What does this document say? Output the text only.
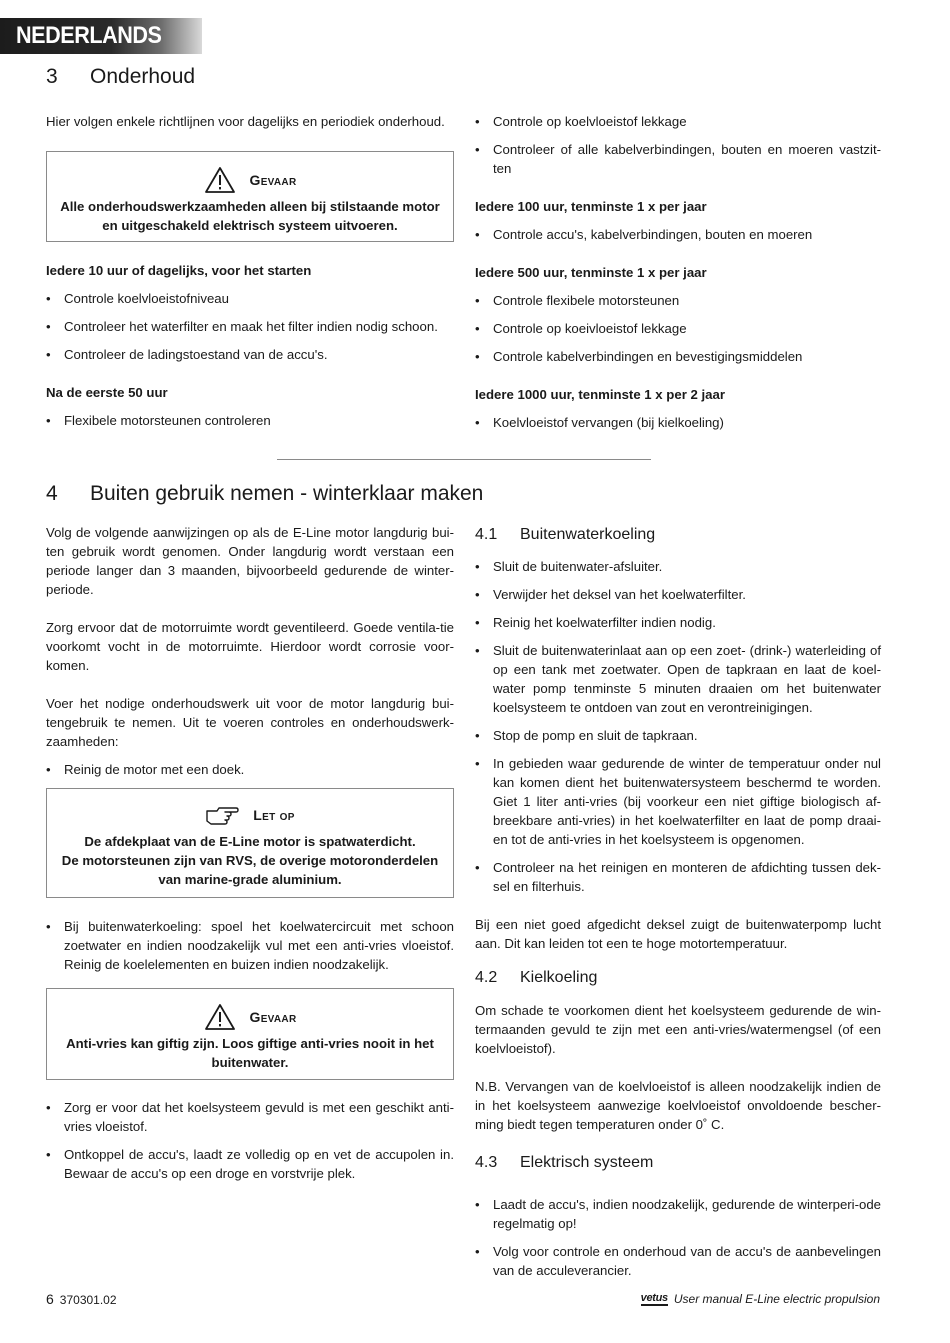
NEDERLANDS
3 Onderhoud

Hier volgen enkele richtlijnen voor dagelijks en periodiek onderhoud.

Gevaar
Alle onderhoudswerkzaamheden alleen bij stilstaande motor
en uitgeschakeld elektrisch systeem uitvoeren.

Iedere 10 uur of dagelijks, voor het starten

• Controle koelvloeistofniveau
• Controleer het waterfilter en maak het filter indien nodig schoon.
• Controleer de ladingstoestand van de accu's.

Na de eerste 50 uur

• Flexibele motorsteunen controleren
• Controle op koelvloeistof lekkage
• Controleer of alle kabelverbindingen, bouten en moeren vastzit-ten

Iedere 100 uur, tenminste 1 x per jaar

• Controle accu's, kabelverbindingen, bouten en moeren

Iedere 500 uur, tenminste 1 x per jaar

• Controle flexibele motorsteunen
• Controle op koeivloeistof lekkage
• Controle kabelverbindingen en bevestigingsmiddelen

Iedere 1000 uur, tenminste 1 x per 2 jaar

• Koelvloeistof vervangen (bij kielkoeling)
4 Buiten gebruik nemen - winterklaar maken

Volg de volgende aanwijzingen op als de E-Line motor langdurig bui-ten gebruik wordt genomen. Onder langdurig wordt verstaan een periode langer dan 3 maanden, bijvoorbeeld gedurende de winter-periode.

Zorg ervoor dat de motorruimte wordt geventileerd. Goede ventila-tie voorkomt vocht in de motorruimte. Hierdoor wordt corrosie voor-komen.

Voer het nodige onderhoudswerk uit voor de motor langdurig bui-tengebruik te nemen. Uit te voeren controles en onderhoudswerk-zaamheden:

• Reinig de motor met een doek.
Let op
De afdekplaat van de E-Line motor is spatwaterdicht.
De motorsteunen zijn van RVS, de overige motoronderdelen
van marine-grade aluminium.
• Bij buitenwaterkoeling: spoel het koelwatercircuit met schoon zoetwater en indien noodzakelijk vul met een anti-vries vloeistof. Reinig de koelelementen en buizen indien noodzakelijk.
Gevaar
Anti-vries kan giftig zijn. Loos giftige anti-vries nooit in het
buitenwater.
• Zorg er voor dat het koelsysteem gevuld is met een geschikt anti-vries vloeistof.
• Ontkoppel de accu's, laadt ze volledig op en vet de accupolen in. Bewaar de accu's op een droge en vorstvrije plek.
4.1 Buitenwaterkoeling
• Sluit de buitenwater-afsluiter.
• Verwijder het deksel van het koelwaterfilter.
• Reinig het koelwaterfilter indien nodig.
• Sluit de buitenwaterinlaat aan op een zoet- (drink-) waterleiding of op een tank met zoetwater. Open de tapkraan en laat de koel-water pomp tenminste 5 minuten draaien om het buitenwater koelsysteem te ontdoen van zout en verontreinigingen.
• Stop de pomp en sluit de tapkraan.
• In gebieden waar gedurende de winter de temperatuur onder nul kan komen dient het buitenwatersysteem beschermd te worden. Giet 1 liter anti-vries (bij voorkeur een niet giftige biologisch af-breekbare anti-vries) in het koelwaterfilter en laat de pomp draai-en tot de anti-vries in het koelsysteem is opgenomen.
• Controleer na het reinigen en monteren de afdichting tussen dek-sel en filterhuis.

Bij een niet goed afgedicht deksel zuigt de buitenwaterpomp lucht aan. Dit kan leiden tot een te hoge motortemperatuur.

4.2 Kielkoeling

Om schade te voorkomen dient het koelsysteem gedurende de win-termaanden gevuld te zijn met een anti-vries/watermengsel (of een koelvloeistof).

N.B. Vervangen van de koelvloeistof is alleen noodzakelijk indien de in het koelsysteem aanwezige koelvloeistof onvoldoende bescher-ming biedt tegen temperaturen onder 0˚ C.

4.3 Elektrisch systeem
• Laadt de accu's, indien noodzakelijk, gedurende de winterperi-ode regelmatig op!
• Volg voor controle en onderhoud van de accu's de aanbevelingen van de acculeverancier.
6 370301.02	vetus User manual E-Line electric propulsion
